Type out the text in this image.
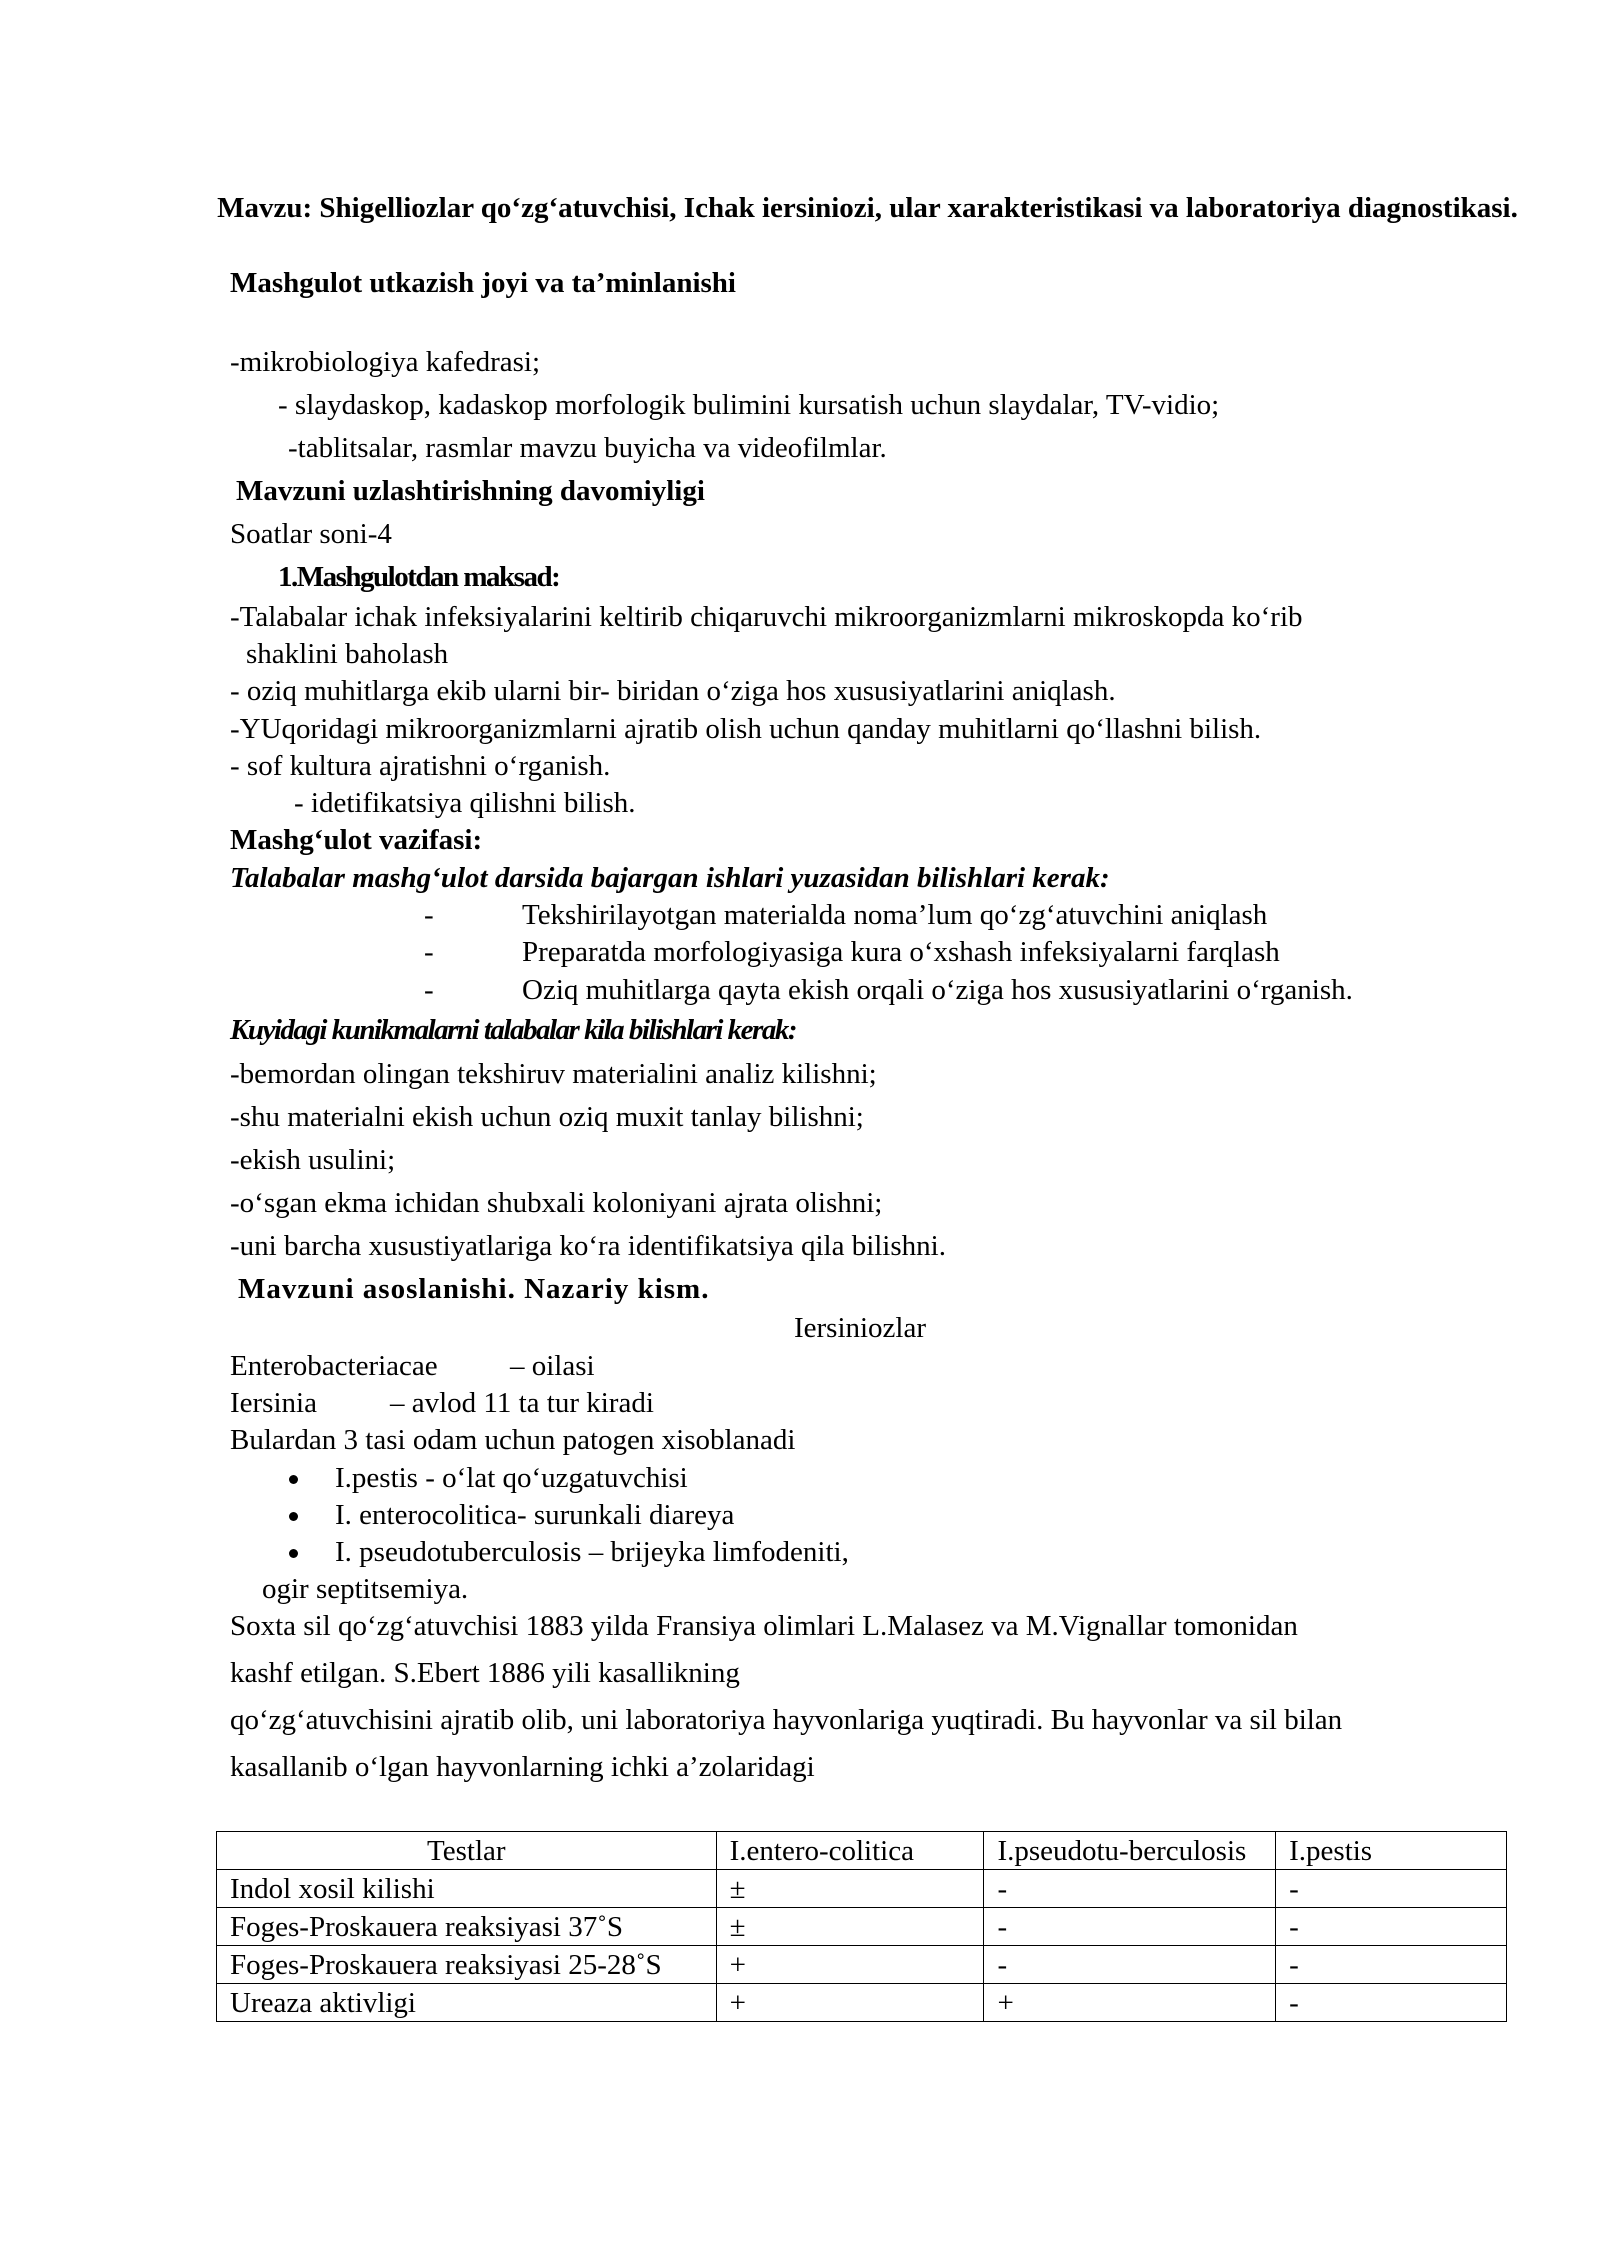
Mavzu: Shigelliozlar qo‘zg‘atuvchisi, Ichak iersiniozi, ular xarakteristikasi va laboratoriya diagnostikasi.
Mashgulot utkazish joyi va ta’minlanishi
-mikrobiologiya kafedrasi;
- slaydaskop, kadaskop morfologik bulimini kursatish uchun slaydalar, TV-vidio;
-tablitsalar, rasmlar mavzu buyicha va videofilmlar.
Mavzuni uzlashtirishning davomiyligi
Soatlar soni-4
1.Mashgulotdan maksad:
-Talabalar ichak infeksiyalarini keltirib chiqaruvchi mikroorganizmlarni mikroskopda ko‘rib
shaklini baholash
- oziq muhitlarga ekib ularni bir- biridan o‘ziga hos xususiyatlarini aniqlash.
-YUqoridagi mikroorganizmlarni ajratib olish uchun qanday muhitlarni qo‘llashni bilish.
- sof kultura ajratishni o‘rganish.
- idetifikatsiya qilishni bilish.
Mashg‘ulot vazifasi:
Talabalar mashg‘ulot darsida bajargan ishlari yuzasidan bilishlari kerak:
-	Tekshirilayotgan materialda noma’lum qo‘zg‘atuvchini aniqlash
-	Preparatda morfologiyasiga kura o‘xshash infeksiyalarni farqlash
-	Oziq muhitlarga qayta ekish orqali o‘ziga hos xususiyatlarini o‘rganish.
Kuyidagi kunikmalarni talabalar kila bilishlari kerak:
-bemordan olingan tekshiruv materialini analiz kilishni;
-shu materialni ekish uchun oziq muxit tanlay bilishni;
-ekish usulini;
-o‘sgan ekma ichidan shubxali koloniyani ajrata olishni;
-uni barcha xusustiyatlariga ko‘ra identifikatsiya qila bilishni.
Mavzuni asoslanishi. Nazariy kism.
Iersiniozlar
Enterobacteriacae – oilasi
Iersinia	– avlod 11 ta tur kiradi
Bulardan 3 tasi odam uchun patogen xisoblanadi
I.pestis - o‘lat qo‘uzgatuvchisi
I. enterocolitica- surunkali diareya
I. pseudotuberculosis – brijeyka limfodeniti,
ogir septitsemiya.
Soxta sil qo‘zg‘atuvchisi 1883 yilda Fransiya olimlari L.Malasez va M.Vignallar tomonidan
kashf etilgan. S.Ebert 1886 yili kasallikning
qo‘zg‘atuvchisini ajratib olib, uni laboratoriya hayvonlariga yuqtiradi. Bu hayvonlar va sil bilan
kasallanib o‘lgan hayvonlarning ichki a’zolaridagi
Testlar	I.entero-colitica	I.pseudotu-berculosis	I.pestis
Indol xosil kilishi	±	-	-
Foges-Proskauera reaksiyasi 37˚S	±	-	-
Foges-Proskauera reaksiyasi 25-28˚S	+	-	-
Ureaza aktivligi	+	+	-
